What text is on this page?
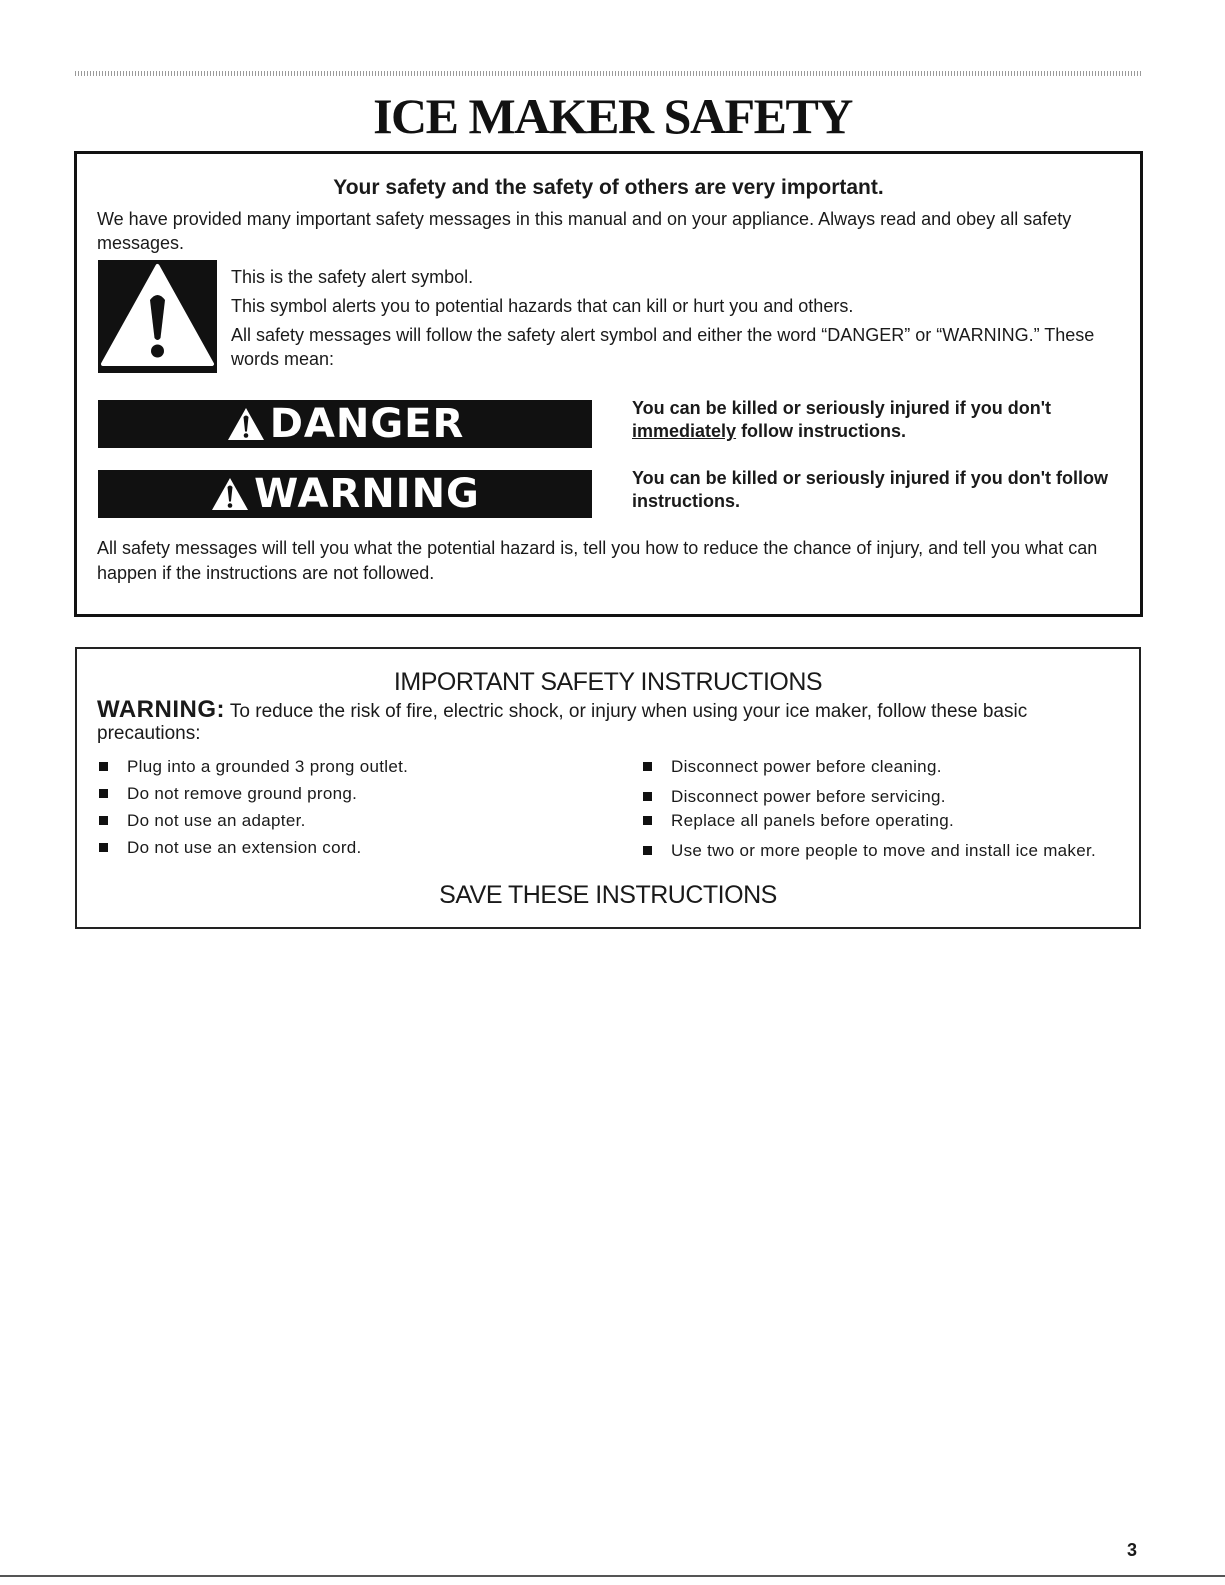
ICE MAKER SAFETY
Your safety and the safety of others are very important.

We have provided many important safety messages in this manual and on your appliance. Always read and obey all safety messages.

This is the safety alert symbol.

This symbol alerts you to potential hazards that can kill or hurt you and others.

All safety messages will follow the safety alert symbol and either the word “DANGER” or “WARNING.” These words mean:

DANGER	You can be killed or seriously injured if you don't immediately follow instructions.

WARNING	You can be killed or seriously injured if you don't follow instructions.

All safety messages will tell you what the potential hazard is, tell you how to reduce the chance of injury, and tell you what can happen if the instructions are not followed.

IMPORTANT SAFETY INSTRUCTIONS

WARNING: To reduce the risk of fire, electric shock, or injury when using your ice maker, follow these basic precautions:

Plug into a grounded 3 prong outlet.
Do not remove ground prong.
Do not use an adapter.
Do not use an extension cord.
Disconnect power before cleaning.
Disconnect power before servicing.
Replace all panels before operating.
Use two or more people to move and install ice maker.
SAVE THESE INSTRUCTIONS
3
